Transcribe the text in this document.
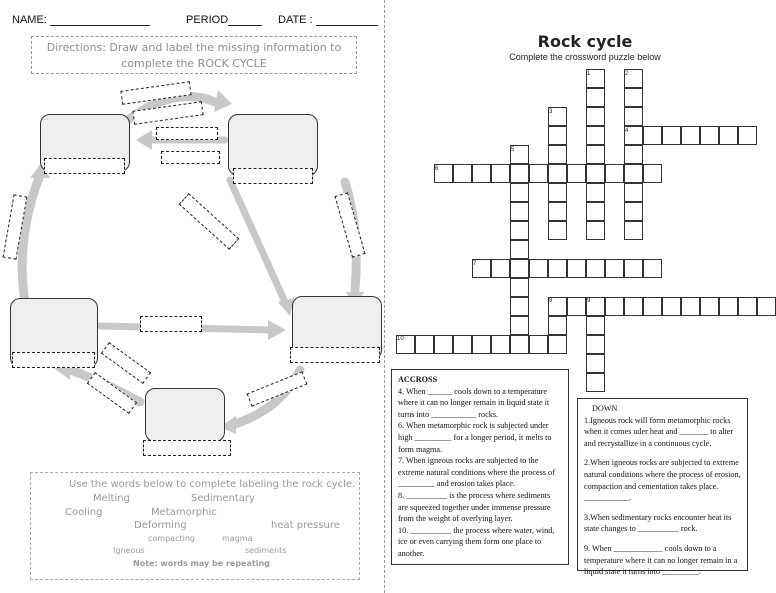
NAME:	PERIOD	DATE :
Directions: Draw and label the missing information to
complete the ROCK CYCLE
Use the words below to complete labeling the rock cycle.
Melting	Sedimentary
Cooling	Metamorphic
Deforming	heat pressure
compacting	magma
Igneous	sediments
Note: words may be repeating
Rock cycle
Complete the crossword puzzle below
1	2
3
4
5
6
7
8	9
10

ACCROSS

4. When ______ cools down to a temperature where it can no longer remain in liquid state it turns into ___________ rocks.

6. When metamorphic rock is subjected under high _________ for a longer period, it melts to form magma.

7. When igneous rocks are subjected to the extreme natural conditions where the process of _________ and erosion takes place.

8. __________ is the process where sediments are squeezed together under immense pressure from the weight of overlying layer.

10. __________ the process where water, wind, ice or even carrying them form one place to another.

DOWN

1.Igneous rock will form metamorphic rocks when it comes uder heat and _______ to alter and recrystallize in a continuous cycle.

2.When igneous rocks are subjected to extreme natural conditions where the process of erosion, compaction and cementation takes place. ___________.

3.When sedimentary rocks encounter heat its state changes to __________ rock.

9. When ____________ cools down to a temperature where it can no longer remain in a liquid state it turns into _________.
